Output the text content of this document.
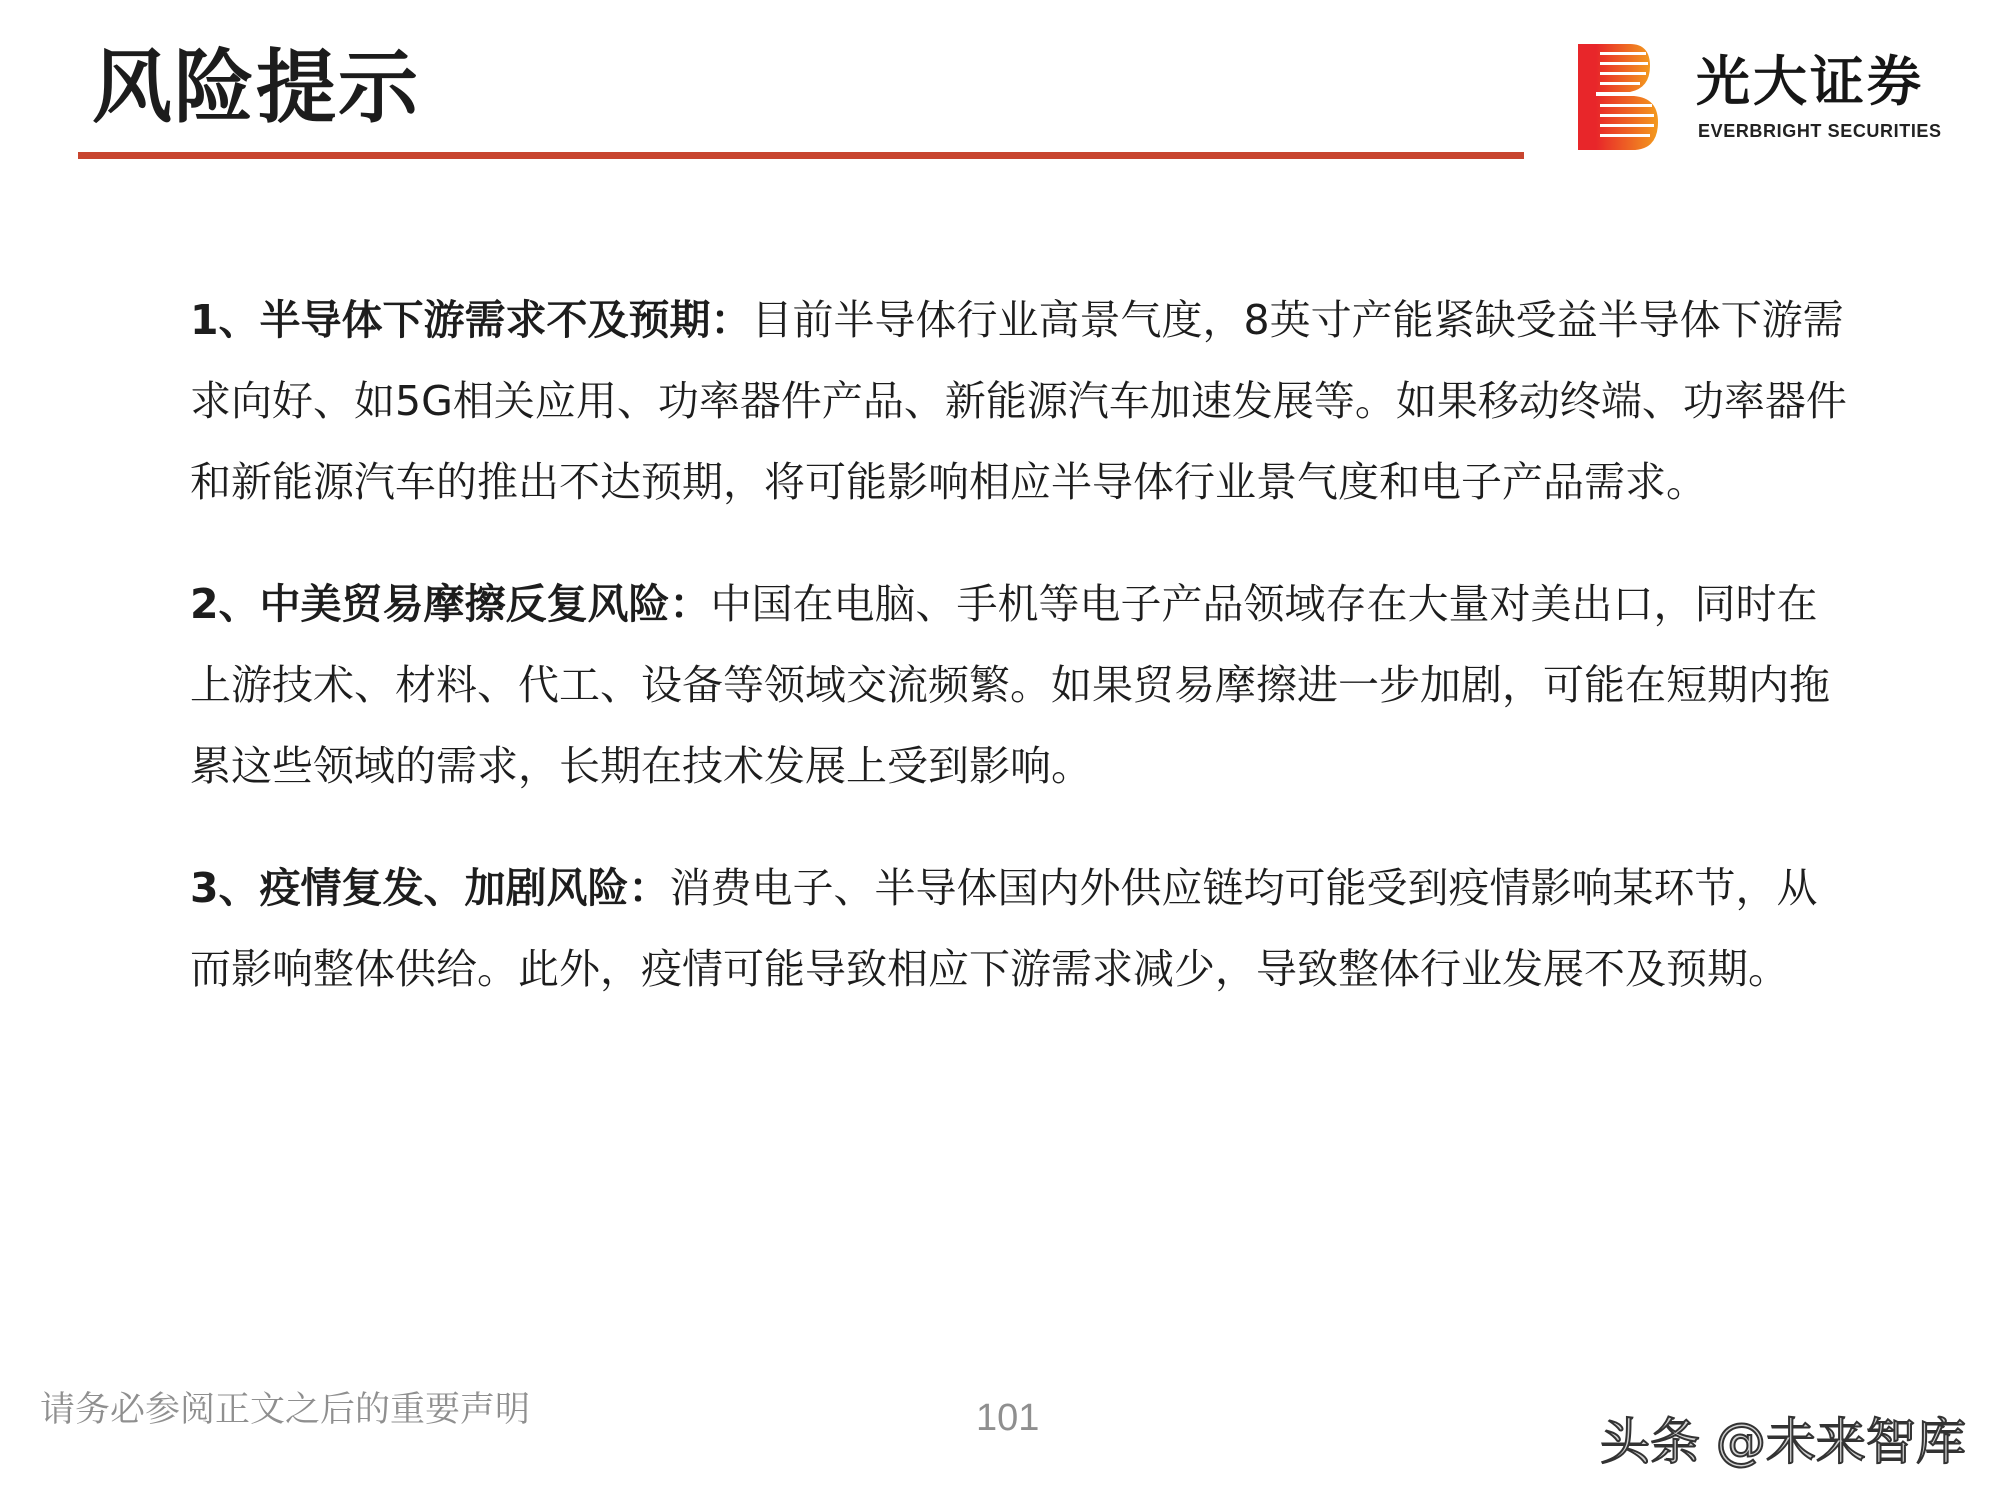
风险提示	光大证券
EVERBRIGHT SECURITIES

1、半导体下游需求不及预期：目前半导体行业高景气度，8英寸产能紧缺受益半导体下游需求向好、如5G相关应用、功率器件产品、新能源汽车加速发展等。如果移动终端、功率器件和新能源汽车的推出不达预期，将可能影响相应半导体行业景气度和电子产品需求。

2、中美贸易摩擦反复风险：中国在电脑、手机等电子产品领域存在大量对美出口，同时在上游技术、材料、代工、设备等领域交流频繁。如果贸易摩擦进一步加剧，可能在短期内拖累这些领域的需求，长期在技术发展上受到影响。

3、疫情复发、加剧风险：消费电子、半导体国内外供应链均可能受到疫情影响某环节，从而影响整体供给。此外，疫情可能导致相应下游需求减少，导致整体行业发展不及预期。

请务必参阅正文之后的重要声明	101	头条 @未来智库
